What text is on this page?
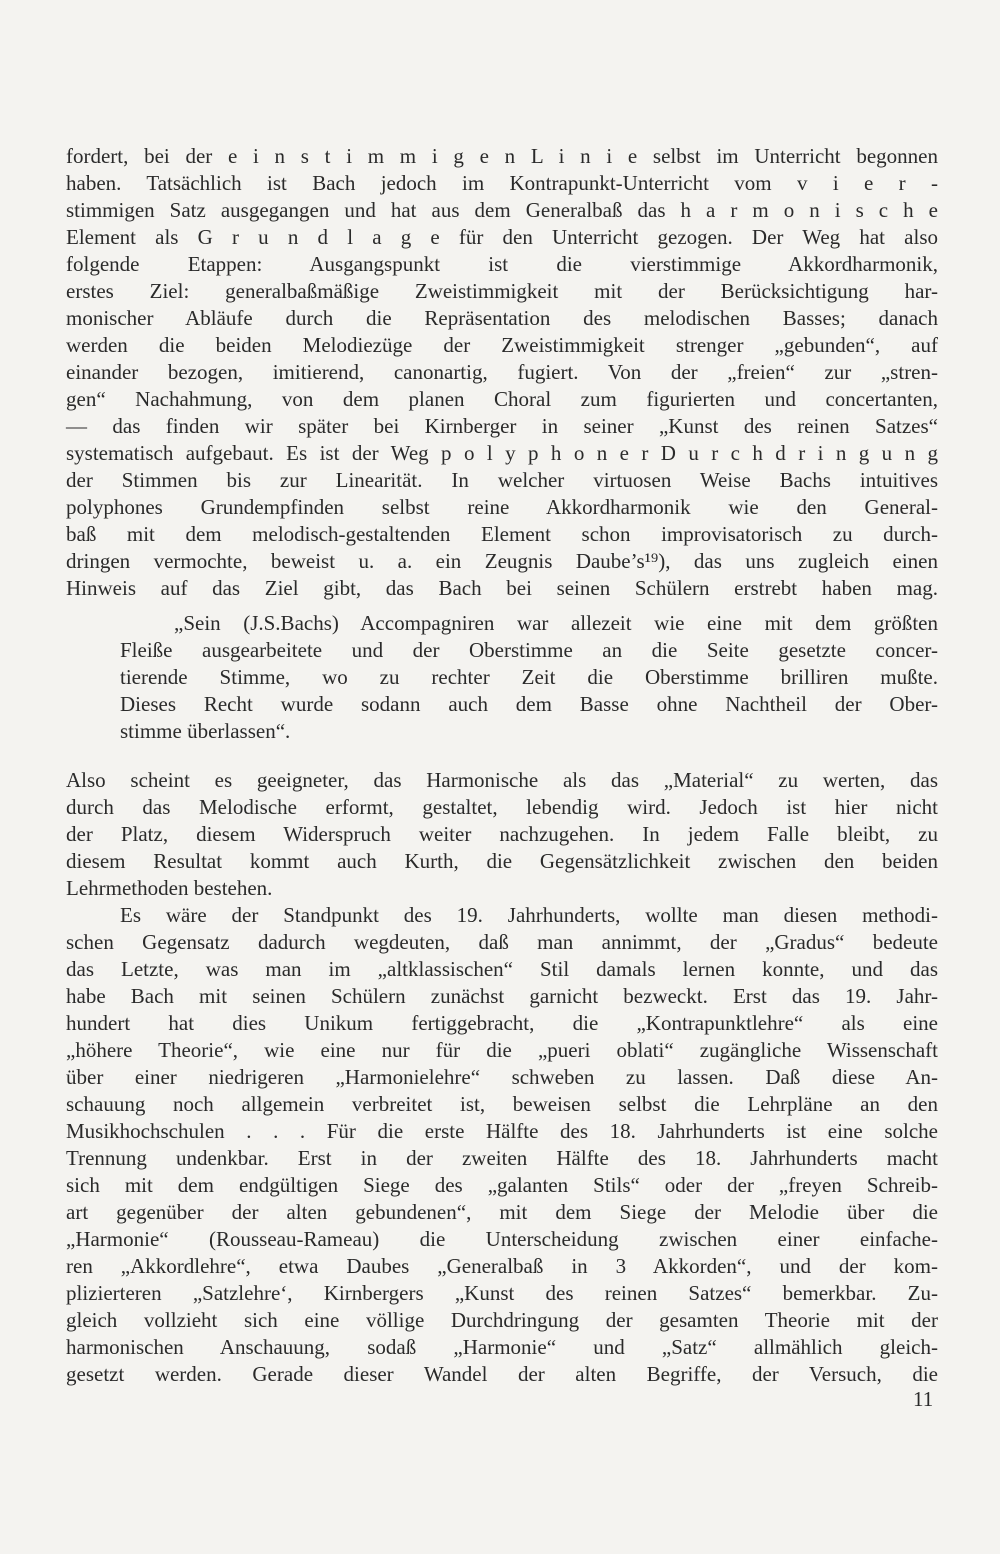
fordert, bei der e i n s t i m m i g e n L i n i e selbst im Unterricht begonnen
haben. Tatsächlich ist Bach jedoch im Kontrapunkt-Unterricht vom v i e r -
stimmigen Satz ausgegangen und hat aus dem Generalbaß das h a r m o n i s c h e
Element als G r u n d l a g e für den Unterricht gezogen. Der Weg hat also
folgende Etappen: Ausgangspunkt ist die vierstimmige Akkordharmonik,
erstes Ziel: generalbaßmäßige Zweistimmigkeit mit der Berücksichtigung har-
monischer Abläufe durch die Repräsentation des melodischen Basses; danach
werden die beiden Melodiezüge der Zweistimmigkeit strenger „gebunden“, auf
einander bezogen, imitierend, canonartig, fugiert. Von der „freien“ zur „stren-
gen“ Nachahmung, von dem planen Choral zum figurierten und concertanten,
— das finden wir später bei Kirnberger in seiner „Kunst des reinen Satzes“
systematisch aufgebaut. Es ist der Weg p o l y p h o n e r D u r c h d r i n g u n g
der Stimmen bis zur Linearität. In welcher virtuosen Weise Bachs intuitives
polyphones Grundempfinden selbst reine Akkordharmonik wie den General-
baß mit dem melodisch-gestaltenden Element schon improvisatorisch zu durch-
dringen vermochte, beweist u. a. ein Zeugnis Daube’s¹⁹), das uns zugleich einen
Hinweis auf das Ziel gibt, das Bach bei seinen Schülern erstrebt haben mag.
„Sein (J.S.Bachs) Accompagniren war allezeit wie eine mit dem größten
Fleiße ausgearbeitete und der Oberstimme an die Seite gesetzte concer-
tierende Stimme, wo zu rechter Zeit die Oberstimme brilliren mußte.
Dieses Recht wurde sodann auch dem Basse ohne Nachtheil der Ober-
stimme überlassen“.
Also scheint es geeigneter, das Harmonische als das „Material“ zu werten, das
durch das Melodische erformt, gestaltet, lebendig wird. Jedoch ist hier nicht
der Platz, diesem Widerspruch weiter nachzugehen. In jedem Falle bleibt, zu
diesem Resultat kommt auch Kurth, die Gegensätzlichkeit zwischen den beiden
Lehrmethoden bestehen.
Es wäre der Standpunkt des 19. Jahrhunderts, wollte man diesen methodi-
schen Gegensatz dadurch wegdeuten, daß man annimmt, der „Gradus“ bedeute
das Letzte, was man im „altklassischen“ Stil damals lernen konnte, und das
habe Bach mit seinen Schülern zunächst garnicht bezweckt. Erst das 19. Jahr-
hundert hat dies Unikum fertiggebracht, die „Kontrapunktlehre“ als eine
„höhere Theorie“, wie eine nur für die „pueri oblati“ zugängliche Wissenschaft
über einer niedrigeren „Harmonielehre“ schweben zu lassen. Daß diese An-
schauung noch allgemein verbreitet ist, beweisen selbst die Lehrpläne an den
Musikhochschulen . . . Für die erste Hälfte des 18. Jahrhunderts ist eine solche
Trennung undenkbar. Erst in der zweiten Hälfte des 18. Jahrhunderts macht
sich mit dem endgültigen Siege des „galanten Stils“ oder der „freyen Schreib-
art gegenüber der alten gebundenen“, mit dem Siege der Melodie über die
„Harmonie“ (Rousseau-Rameau) die Unterscheidung zwischen einer einfache-
ren „Akkordlehre“, etwa Daubes „Generalbaß in 3 Akkorden“, und der kom-
plizierteren „Satzlehre‘, Kirnbergers „Kunst des reinen Satzes“ bemerkbar. Zu-
gleich vollzieht sich eine völlige Durchdringung der gesamten Theorie mit der
harmonischen Anschauung, sodaß „Harmonie“ und „Satz“ allmählich gleich-
gesetzt werden. Gerade dieser Wandel der alten Begriffe, der Versuch, die
11
